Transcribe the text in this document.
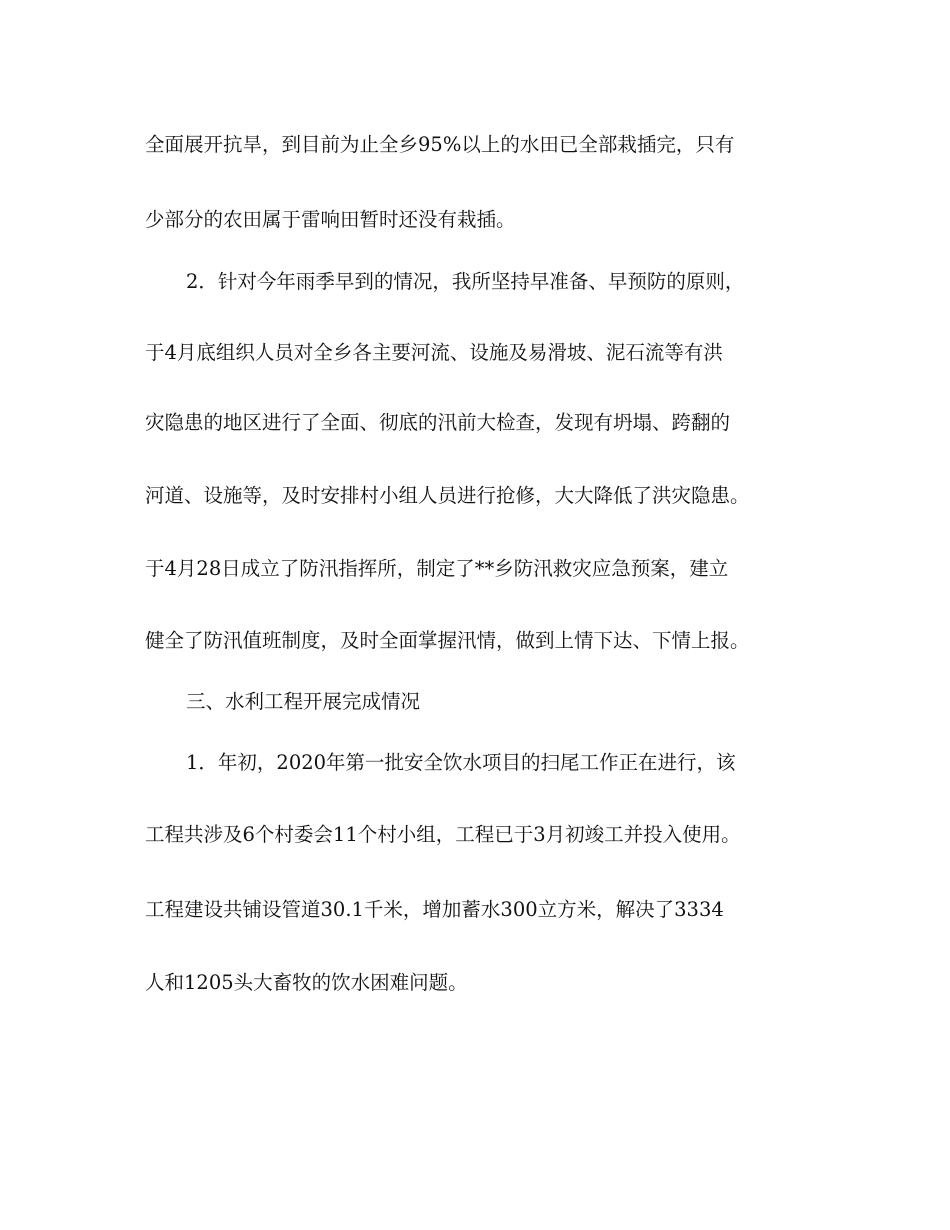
全面展开抗旱，到目前为止全乡95%以上的水田已全部栽插完，只有
少部分的农田属于雷响田暂时还没有栽插。
2．针对今年雨季早到的情况，我所坚持早准备、早预防的原则，
于4月底组织人员对全乡各主要河流、设施及易滑坡、泥石流等有洪
灾隐患的地区进行了全面、彻底的汛前大检查，发现有坍塌、跨翻的
河道、设施等，及时安排村小组人员进行抢修，大大降低了洪灾隐患。
于4月28日成立了防汛指挥所，制定了**乡防汛救灾应急预案，建立
健全了防汛值班制度，及时全面掌握汛情，做到上情下达、下情上报。
三、水利工程开展完成情况
1．年初，2020年第一批安全饮水项目的扫尾工作正在进行，该
工程共涉及6个村委会11个村小组，工程已于3月初竣工并投入使用。
工程建设共铺设管道30.1千米，增加蓄水300立方米，解决了3334
人和1205头大畜牧的饮水困难问题。
